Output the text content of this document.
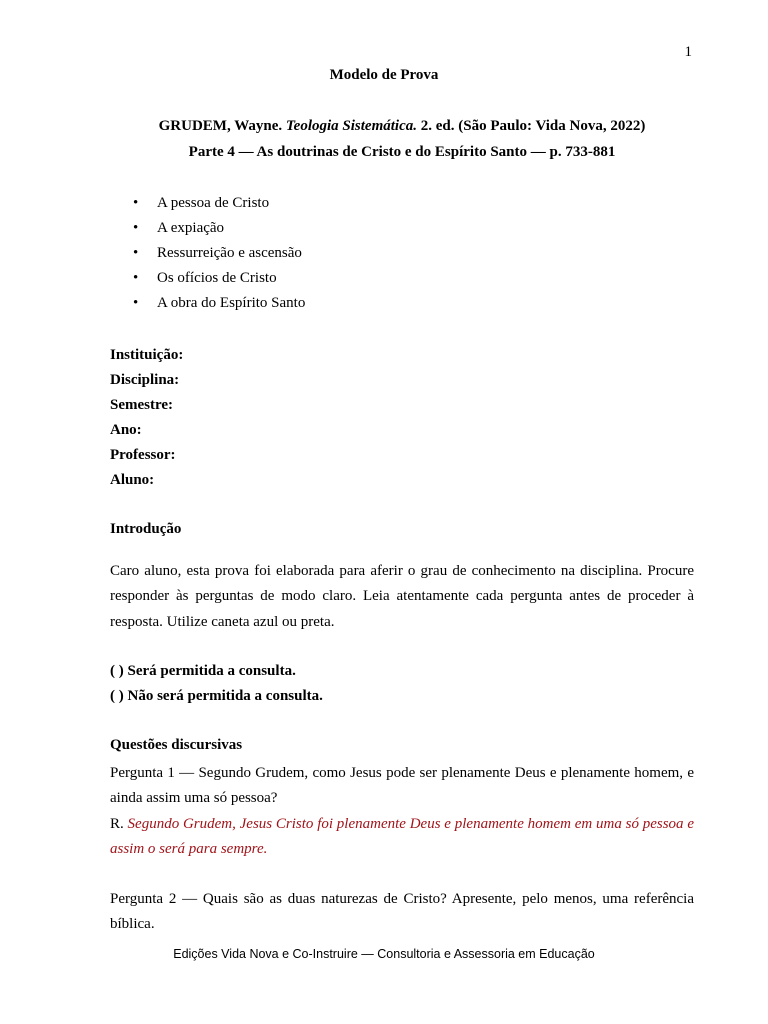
1
Modelo de Prova
GRUDEM, Wayne. Teologia Sistemática. 2. ed. (São Paulo: Vida Nova, 2022)
Parte 4 — As doutrinas de Cristo e do Espírito Santo — p. 733-881
• A pessoa de Cristo
• A expiação
• Ressurreição e ascensão
• Os ofícios de Cristo
• A obra do Espírito Santo
Instituição:
Disciplina:
Semestre:
Ano:
Professor:
Aluno:
Introdução
Caro aluno, esta prova foi elaborada para aferir o grau de conhecimento na disciplina. Procure responder às perguntas de modo claro. Leia atentamente cada pergunta antes de proceder à resposta. Utilize caneta azul ou preta.
( ) Será permitida a consulta.
( ) Não será permitida a consulta.
Questões discursivas
Pergunta 1 — Segundo Grudem, como Jesus pode ser plenamente Deus e plenamente homem, e ainda assim uma só pessoa?
R. Segundo Grudem, Jesus Cristo foi plenamente Deus e plenamente homem em uma só pessoa e assim o será para sempre.
Pergunta 2 — Quais são as duas naturezas de Cristo? Apresente, pelo menos, uma referência bíblica.
Edições Vida Nova e Co-Instruire — Consultoria e Assessoria em Educação
